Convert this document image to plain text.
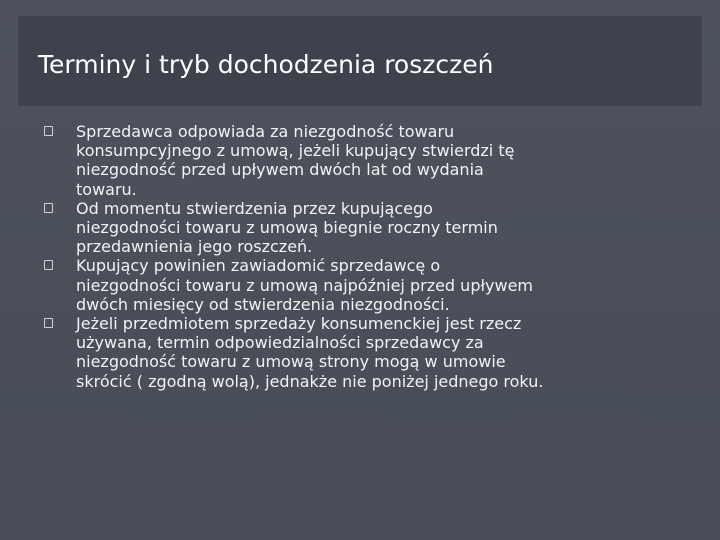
Terminy i tryb dochodzenia roszczeń
Sprzedawca odpowiada za niezgodność towaru
konsumpcyjnego z umową, jeżeli kupujący stwierdzi tę
niezgodność przed upływem dwóch lat od wydania
towaru.
Od momentu stwierdzenia przez kupującego
niezgodności towaru z umową biegnie roczny termin
przedawnienia jego roszczeń.
Kupujący powinien zawiadomić sprzedawcę o
niezgodności towaru z umową najpóźniej przed upływem
dwóch miesięcy od stwierdzenia niezgodności.
Jeżeli przedmiotem sprzedaży konsumenckiej jest rzecz
używana, termin odpowiedzialności sprzedawcy za
niezgodność towaru z umową strony mogą w umowie
skrócić ( zgodną wolą), jednakże nie poniżej jednego roku.
